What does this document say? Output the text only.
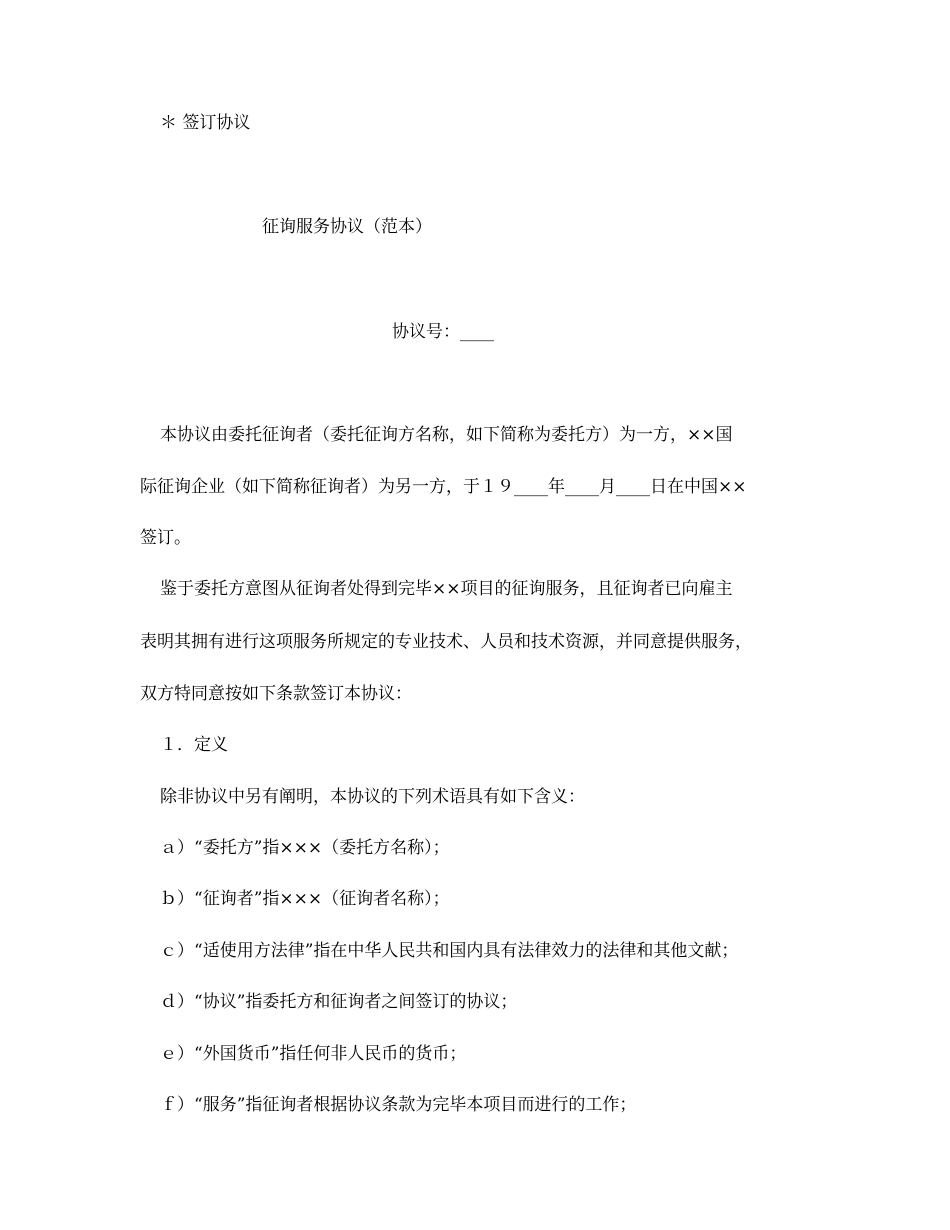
＊ 签订协议
征询服务协议（范本）
协议号：____
本协议由委托征询者（委托征询方名称，如下简称为委托方）为一方，××国
际征询企业（如下简称征询者）为另一方，于１９____年____月____日在中国××
签订。
鉴于委托方意图从征询者处得到完毕××项目的征询服务，且征询者已向雇主
表明其拥有进行这项服务所规定的专业技术、人员和技术资源，并同意提供服务，
双方特同意按如下条款签订本协议：
１．定义
除非协议中另有阐明，本协议的下列术语具有如下含义：
ａ）“委托方”指×××（委托方名称）；
ｂ）“征询者”指×××（征询者名称）；
ｃ）“适使用方法律”指在中华人民共和国内具有法律效力的法律和其他文献；
ｄ）“协议”指委托方和征询者之间签订的协议；
ｅ）“外国货币”指任何非人民币的货币；
ｆ）“服务”指征询者根据协议条款为完毕本项目而进行的工作；
